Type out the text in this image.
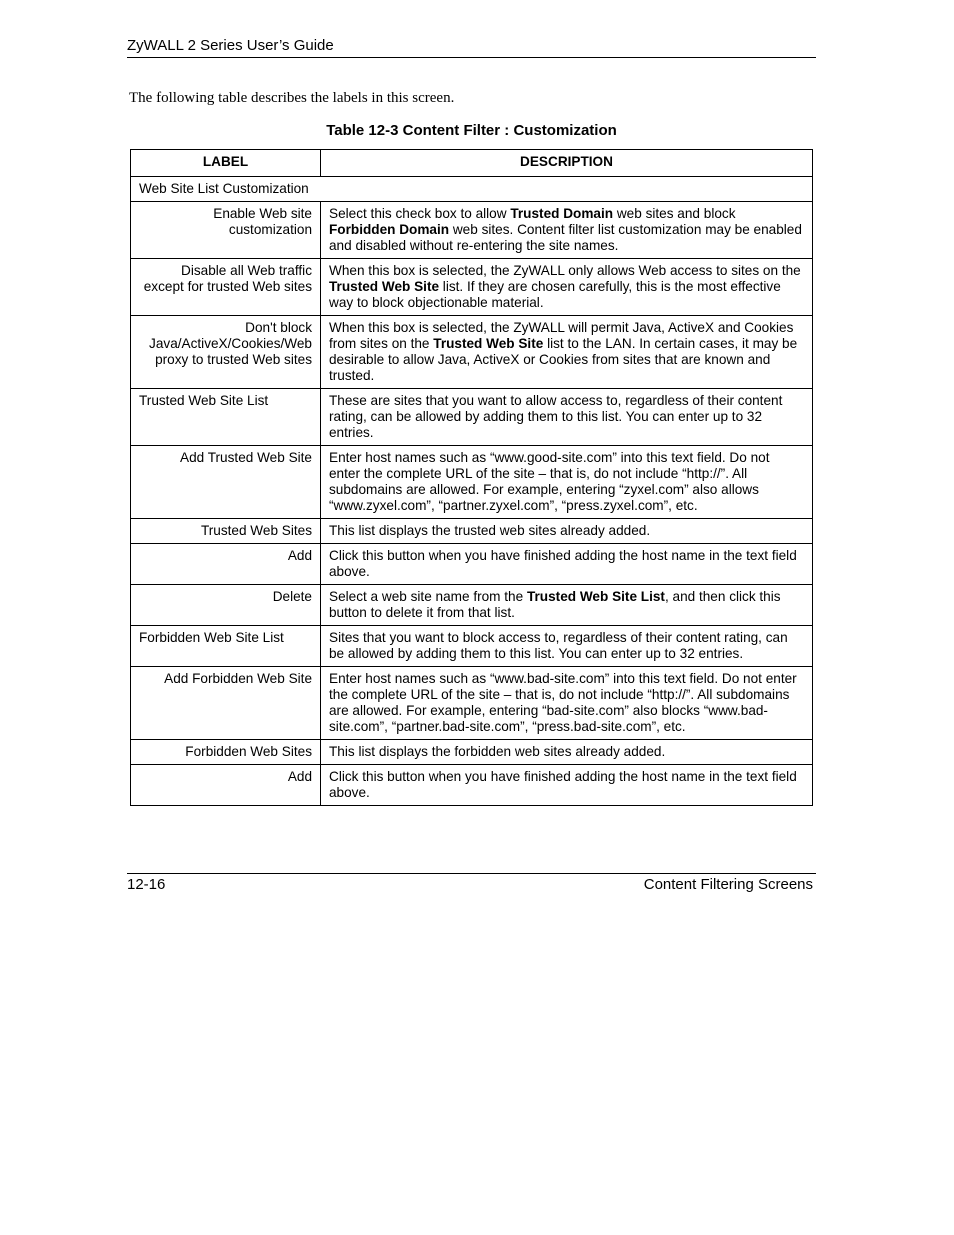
ZyWALL 2 Series User’s Guide
The following table describes the labels in this screen.
Table 12-3 Content Filter : Customization
LABEL	DESCRIPTION
Web Site List Customization	
Enable Web site customization	Select this check box to allow Trusted Domain web sites and block Forbidden Domain web sites. Content filter list customization may be enabled and disabled without re-entering the site names.
Disable all Web traffic except for trusted Web sites	When this box is selected, the ZyWALL only allows Web access to sites on the Trusted Web Site list. If they are chosen carefully, this is the most effective way to block objectionable material.
Don't block Java/ActiveX/Cookies/Web proxy to trusted Web sites	When this box is selected, the ZyWALL will permit Java, ActiveX and Cookies from sites on the Trusted Web Site list to the LAN. In certain cases, it may be desirable to allow Java, ActiveX or Cookies from sites that are known and trusted.
Trusted Web Site List	These are sites that you want to allow access to, regardless of their content rating, can be allowed by adding them to this list. You can enter up to 32 entries.
Add Trusted Web Site	Enter host names such as “www.good-site.com” into this text field. Do not enter the complete URL of the site – that is, do not include “http://”. All subdomains are allowed. For example, entering “zyxel.com” also allows “www.zyxel.com”, “partner.zyxel.com”, “press.zyxel.com”, etc.
Trusted Web Sites	This list displays the trusted web sites already added.
Add	Click this button when you have finished adding the host name in the text field above.
Delete	Select a web site name from the Trusted Web Site List, and then click this button to delete it from that list.
Forbidden Web Site List	Sites that you want to block access to, regardless of their content rating, can be allowed by adding them to this list. You can enter up to 32 entries.
Add Forbidden Web Site	Enter host names such as “www.bad-site.com” into this text field. Do not enter the complete URL of the site – that is, do not include “http://”. All subdomains are allowed. For example, entering “bad-site.com” also blocks “www.bad-site.com”, “partner.bad-site.com”, “press.bad-site.com”, etc.
Forbidden Web Sites	This list displays the forbidden web sites already added.
Add	Click this button when you have finished adding the host name in the text field above.
12-16	Content Filtering Screens
